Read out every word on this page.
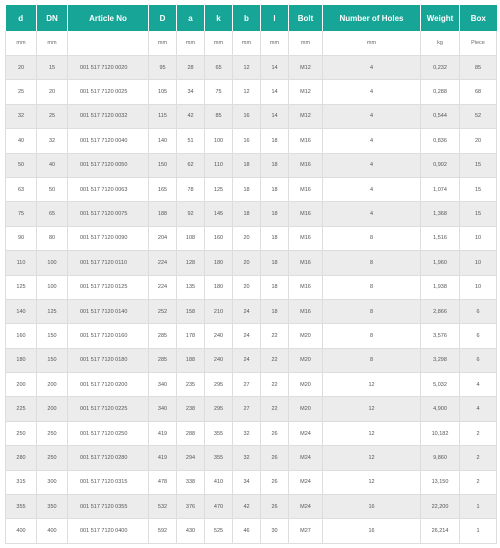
d	DN	Article No	D	a	k	b	l	Bolt	Number of Holes	Weight	Box
mm	mm		mm	mm	mm	mm	mm	mm	mm	kg	Piece
20	15	001 517 7120 0020	95	28	65	12	14	M12	4	0,232	85
25	20	001 517 7120 0025	105	34	75	12	14	M12	4	0,288	68
32	25	001 517 7120 0032	115	42	85	16	14	M12	4	0,544	52
40	32	001 517 7120 0040	140	51	100	16	18	M16	4	0,836	20
50	40	001 517 7120 0050	150	62	110	18	18	M16	4	0,902	15
63	50	001 517 7120 0063	165	78	125	18	18	M16	4	1,074	15
75	65	001 517 7120 0075	188	92	145	18	18	M16	4	1,368	15
90	80	001 517 7120 0090	204	108	160	20	18	M16	8	1,516	10
110	100	001 517 7120 0110	224	128	180	20	18	M16	8	1,960	10
125	100	001 517 7120 0125	224	135	180	20	18	M16	8	1,938	10
140	125	001 517 7120 0140	252	158	210	24	18	M16	8	2,866	6
160	150	001 517 7120 0160	285	178	240	24	22	M20	8	3,576	6
180	150	001 517 7120 0180	285	188	240	24	22	M20	8	3,298	6
200	200	001 517 7120 0200	340	235	295	27	22	M20	12	5,032	4
225	200	001 517 7120 0225	340	238	295	27	22	M20	12	4,900	4
250	250	001 517 7120 0250	419	288	355	32	26	M24	12	10,182	2
280	250	001 517 7120 0280	419	294	355	32	26	M24	12	9,860	2
315	300	001 517 7120 0315	478	338	410	34	26	M24	12	13,150	2
355	350	001 517 7120 0355	532	376	470	42	26	M24	16	22,200	1
400	400	001 517 7120 0400	592	430	525	46	30	M27	16	26,214	1
